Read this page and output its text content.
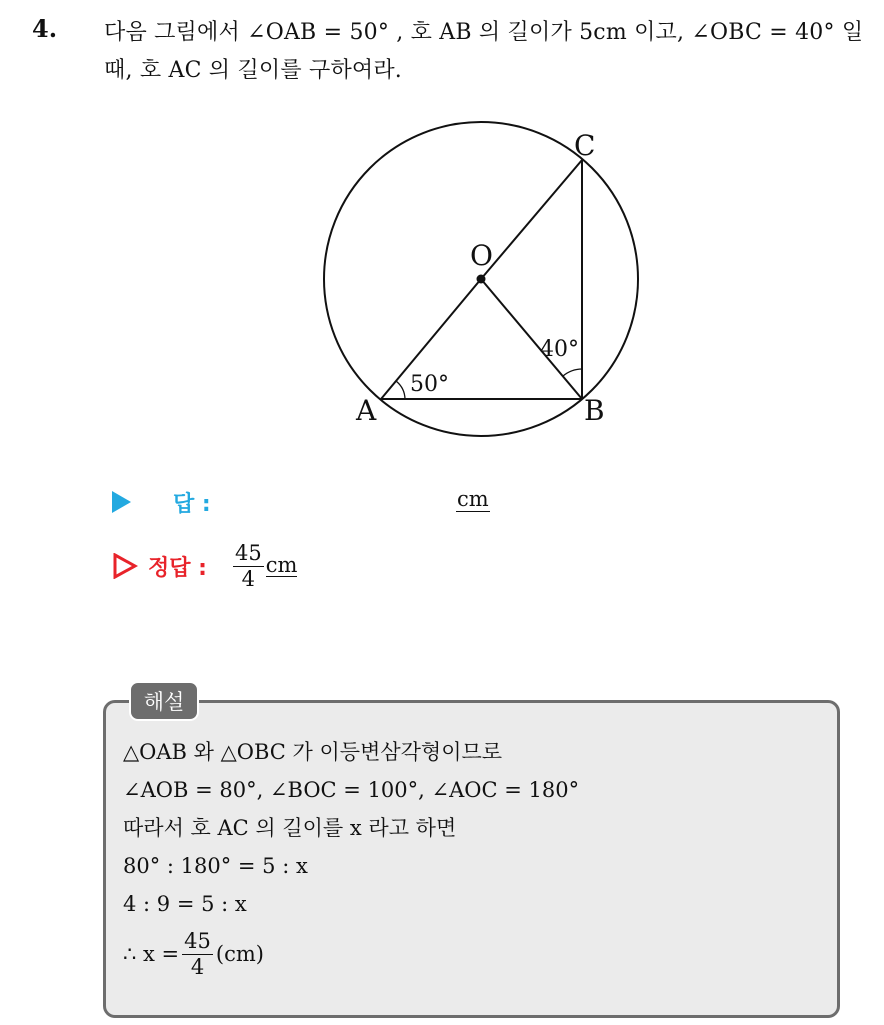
4. 다음 그림에서 ∠OAB = 50° , 호 AB 의 길이가 5cm 이고, ∠OBC = 40° 일 때, 호 AC 의 길이를 구하여라.
C
O
A	B
50°
40°
답 :	cm
정답 : $\frac{45}{4}$ cm
해설
△OAB 와 △OBC 가 이등변삼각형이므로
∠AOB = 80°, ∠BOC = 100°, ∠AOC = 180°
따라서 호 AC 의 길이를 x 라고 하면
80° : 180° = 5 : x
4 : 9 = 5 : x
∴ $x = \frac{45}{4} (cm)$
